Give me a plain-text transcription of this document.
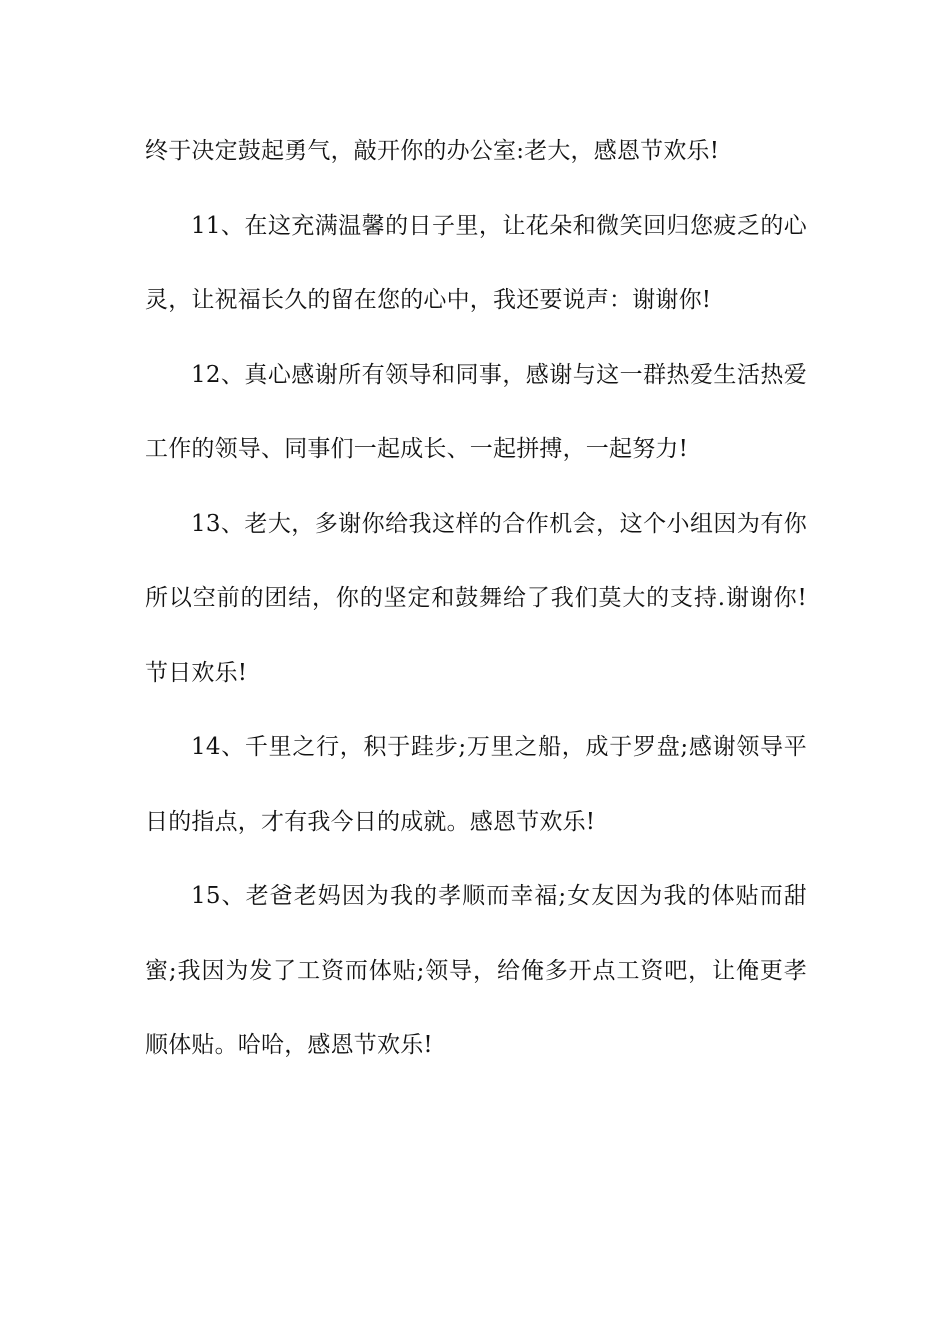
终于决定鼓起勇气，敲开你的办公室:老大，感恩节欢乐!

11、在这充满温馨的日子里，让花朵和微笑回归您疲乏的心灵，让祝福长久的留在您的心中，我还要说声：谢谢你!

12、真心感谢所有领导和同事，感谢与这一群热爱生活热爱工作的领导、同事们一起成长、一起拼搏，一起努力!

13、老大，多谢你给我这样的合作机会，这个小组因为有你所以空前的团结，你的坚定和鼓舞给了我们莫大的支持.谢谢你! 节日欢乐!

14、千里之行，积于跬步;万里之船，成于罗盘;感谢领导平日的指点，才有我今日的成就。感恩节欢乐!

15、老爸老妈因为我的孝顺而幸福;女友因为我的体贴而甜蜜;我因为发了工资而体贴;领导，给俺多开点工资吧，让俺更孝顺体贴。哈哈，感恩节欢乐!
